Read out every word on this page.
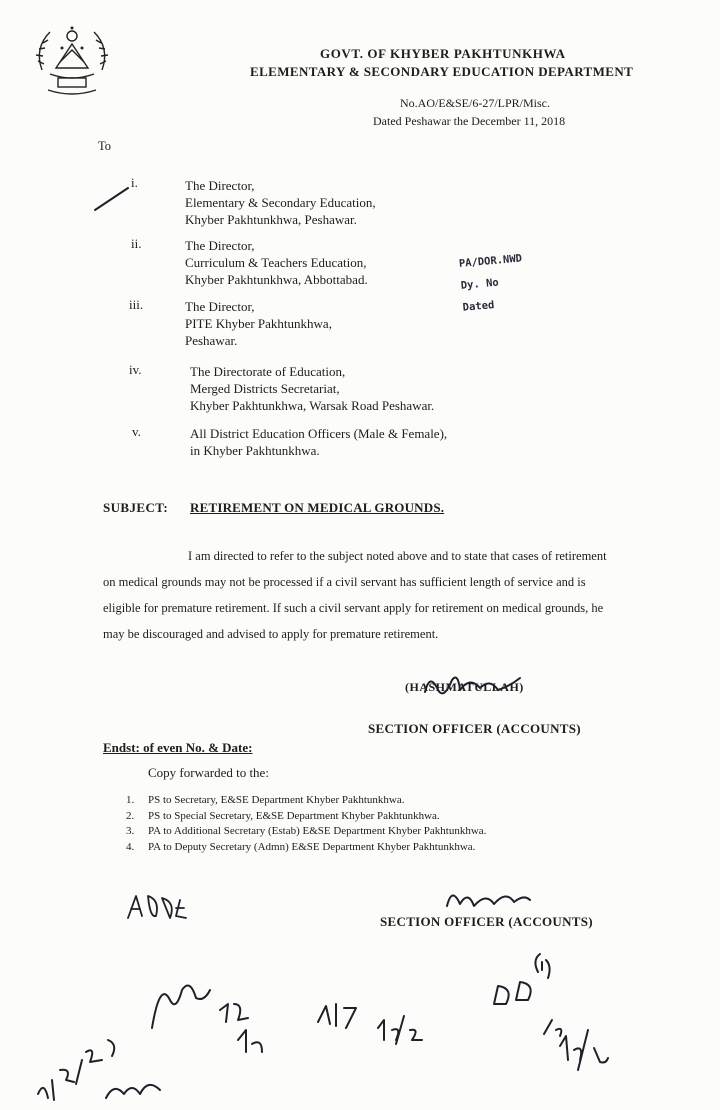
GOVT. OF KHYBER PAKHTUNKHWA
ELEMENTARY & SECONDARY EDUCATION DEPARTMENT
No.AO/E&SE/6-27/LPR/Misc.
Dated Peshawar the December 11, 2018
To
i.	The Director,
Elementary & Secondary Education,
Khyber Pakhtunkhwa, Peshawar.
ii.	The Director,
Curriculum & Teachers Education,
Khyber Pakhtunkhwa, Abbottabad.
iii.	The Director,
PITE Khyber Pakhtunkhwa,
Peshawar.
iv.	The Directorate of Education,
Merged Districts Secretariat,
Khyber Pakhtunkhwa, Warsak Road Peshawar.
v.	All District Education Officers (Male & Female),
in Khyber Pakhtunkhwa.
PA/DOR.NWD
Dy. No
Dated
SUBJECT: RETIREMENT ON MEDICAL GROUNDS.
I am directed to refer to the subject noted above and to state that cases of retirement
on medical grounds may not be processed if a civil servant has sufficient length of service and is
eligible for premature retirement. If such a civil servant apply for retirement on medical grounds, he
may be discouraged and advised to apply for premature retirement.
(HASHMATULLAH)
SECTION OFFICER (ACCOUNTS)
Endst: of even No. & Date:
Copy forwarded to the:
1. PS to Secretary, E&SE Department Khyber Pakhtunkhwa.
2. PS to Special Secretary, E&SE Department Khyber Pakhtunkhwa.
3. PA to Additional Secretary (Estab) E&SE Department Khyber Pakhtunkhwa.
4. PA to Deputy Secretary (Admn) E&SE Department Khyber Pakhtunkhwa.
SECTION OFFICER (ACCOUNTS)
